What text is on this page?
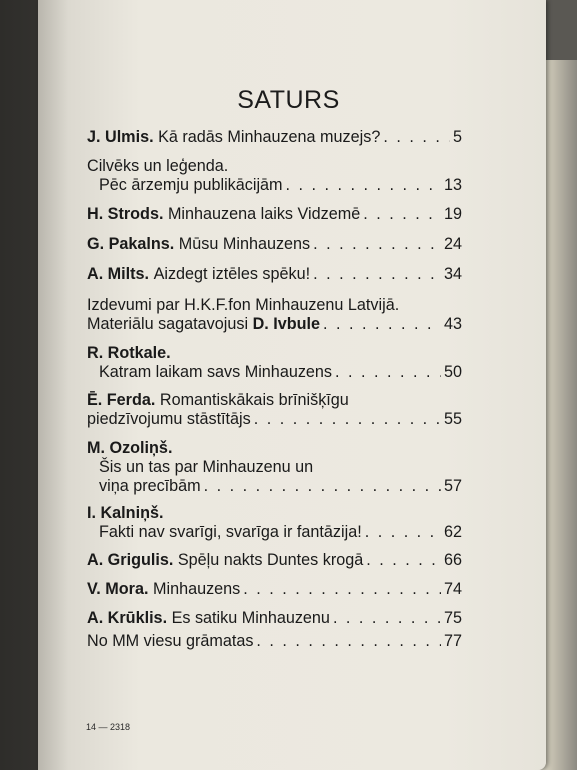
SATURS
J. Ulmis.
Kā radās Minhauzena muzejs? . . .	5
Cilvēks un leģenda.
Pēc ārzemju publikācijām . . .	13
H. Strods.
Minhauzena laiks Vidzemē . . .	19
G. Pakalns.
Mūsu Minhauzens . . .	24
A. Milts.
Aizdegt iztēles spēku! . . .	34
Izdevumi par H.K.F.fon Minhauzenu Latvijā.
Materiālu sagatavojusi
D. Ivbule . . .	43
R. Rotkale.
Katram laikam savs Minhauzens . . .	50
Ē. Ferda.
Romantiskākais brīnišķīgu
piedzīvojumu stāstītājs . . .	55
M. Ozoliņš.
Šis un tas par Minhauzenu un
viņa precībām . . .	57
I. Kalniņš.
Fakti nav svarīgi, svarīga ir fantāzija! . . .	62
A. Grigulis.
Spēļu nakts Duntes krogā . . .	66
V. Mora.
Minhauzens . . .	74
A. Krūklis.
Es satiku Minhauzenu . . .	75
No MM viesu grāmatas . . .	77
14 — 2318
